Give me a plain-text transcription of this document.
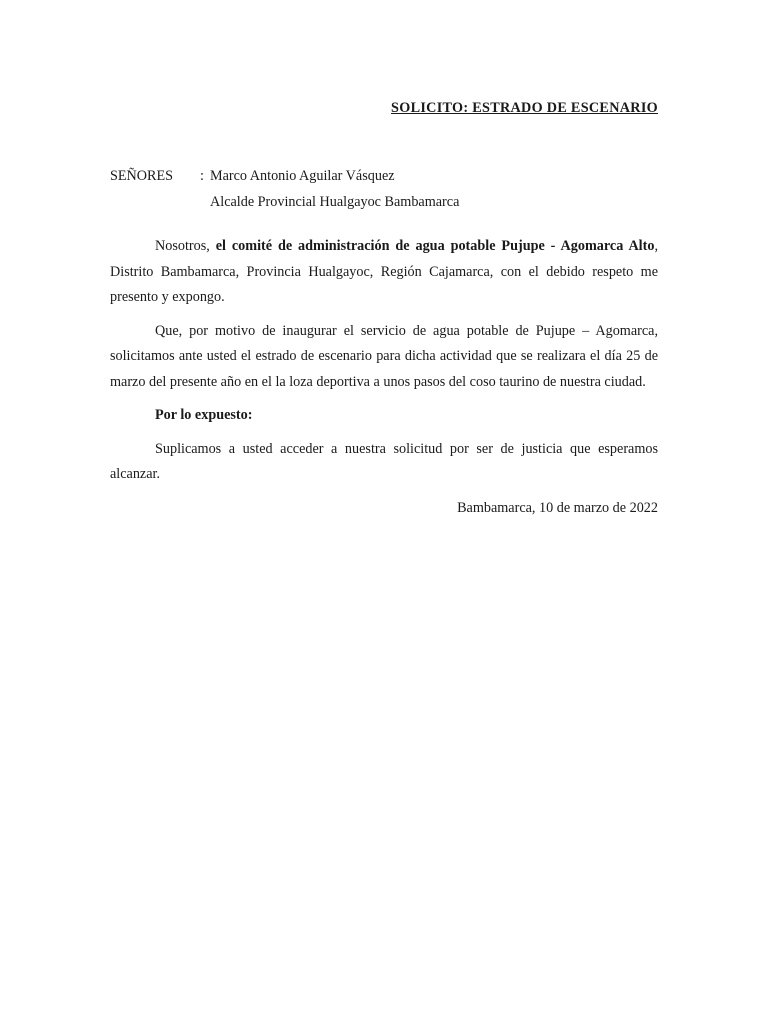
SOLICITO: ESTRADO DE ESCENARIO
SEÑORES	: Marco Antonio Aguilar Vásquez
Alcalde Provincial Hualgayoc Bambamarca

Nosotros, el comité de administración de agua potable Pujupe - Agomarca Alto, Distrito Bambamarca, Provincia Hualgayoc, Región Cajamarca, con el debido respeto me presento y expongo.

Que, por motivo de inaugurar el servicio de agua potable de Pujupe – Agomarca, solicitamos ante usted el estrado de escenario para dicha actividad que se realizara el día 25 de marzo del presente año en el la loza deportiva a unos pasos del coso taurino de nuestra ciudad.

Por lo expuesto:

Suplicamos a usted acceder a nuestra solicitud por ser de justicia que esperamos alcanzar.

Bambamarca, 10 de marzo de 2022
